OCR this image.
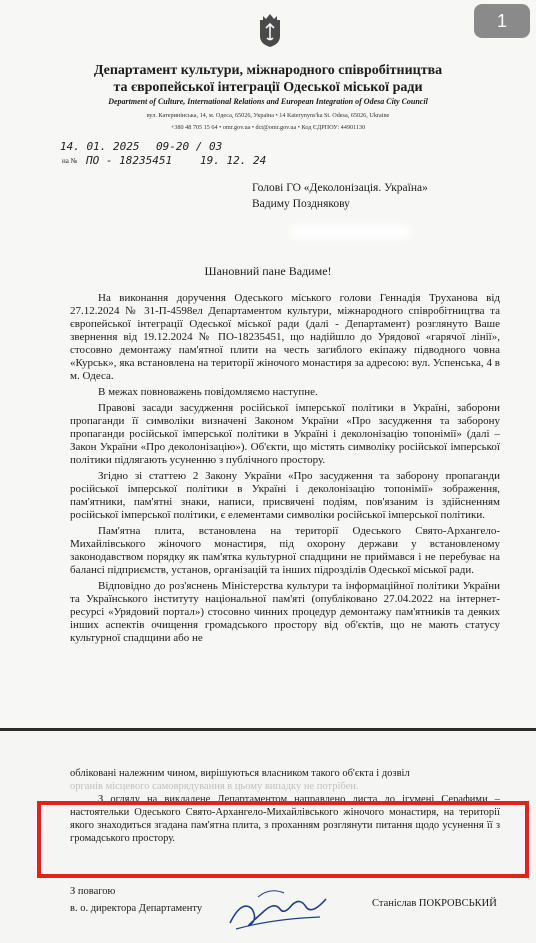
Департамент культури, міжнародного співробітництва
та європейської інтеграції Одеської міської ради
Department of Culture, International Relations and European Integration of Odesa City Council
вул. Катеринінська, 14, м. Одеса, 65026, Україна • 14 Katerynyns'ka St. Odesa, 65026, Ukraine
+380 48 705 15 64 • omr.gov.ua • dct@omr.gov.ua • Код ЄДРПОУ: 44901130
14. 01. 2025 09-20 / 03
на № ПО - 18235451	19. 12. 24
Голові ГО «Деколонізація. Україна»
Вадиму Позднякову
Шановний пане Вадиме!

На виконання доручення Одеського міського голови Геннадія Труханова від 27.12.2024 № 31-П-4598ел Департаментом культури, міжнародного співробітництва та європейської інтеграції Одеської міської ради (далі - Департамент) розглянуто Ваше звернення від 19.12.2024 № ПО-18235451, що надійшло до Урядової «гарячої лінії», стосовно демонтажу пам'ятної плити на честь загиблого екіпажу підводного човна «Курськ», яка встановлена на території жіночого монастиря за адресою: вул. Успенська, 4 в м. Одеса.

В межах повноважень повідомляємо наступне.

Правові засади засудження російської імперської політики в Україні, заборони пропаганди її символіки визначені Законом України «Про засудження та заборону пропаганди російської імперської політики в Україні і деколонізацію топонімії» (далі – Закон України «Про деколонізацію»). Об'єкти, що містять символіку російської імперської політики підлягають усуненню з публічного простору.

Згідно зі статтею 2 Закону України «Про засудження та заборону пропаганди російської імперської політики в Україні і деколонізацію топонімії» зображення, пам'ятники, пам'ятні знаки, написи, присвячені подіям, пов'язаним із здійсненням російської імперської політики, є елементами символіки російської імперської політики.

Пам'ятна плита, встановлена на території Одеського Свято-Архангело-Михайлівського жіночого монастиря, під охорону держави у встановленому законодавством порядку як пам'ятка культурної спадщини не приймався і не перебуває на балансі підприємств, установ, організацій та інших підрозділів Одеської міської ради.

Відповідно до роз'яснень Міністерства культури та інформаційної політики України та Українського інституту національної пам'яті (опубліковано 27.04.2022 на інтернет-ресурсі «Урядовий портал») стосовно чинних процедур демонтажу пам'ятників та деяких інших аспектів очищення громадського простору від об'єктів, що не мають статусу культурної спадщини або не

1

обліковані належним чином, вирішуються власником такого об'єкта і дозвіл

органів місцевого самоврядування в цьому випадку не потрібен.

З огляду на викладене Департаментом направлено листа до ігумені Серафими – настоятельки Одеського Свято-Архангело-Михайлівського жіночого монастиря, на території якого знаходиться згадана пам'ятна плита, з проханням розглянути питання щодо усунення її з громадського простору.

З повагою
в. о. директора Департаменту	Станіслав ПОКРОВСЬКИЙ
